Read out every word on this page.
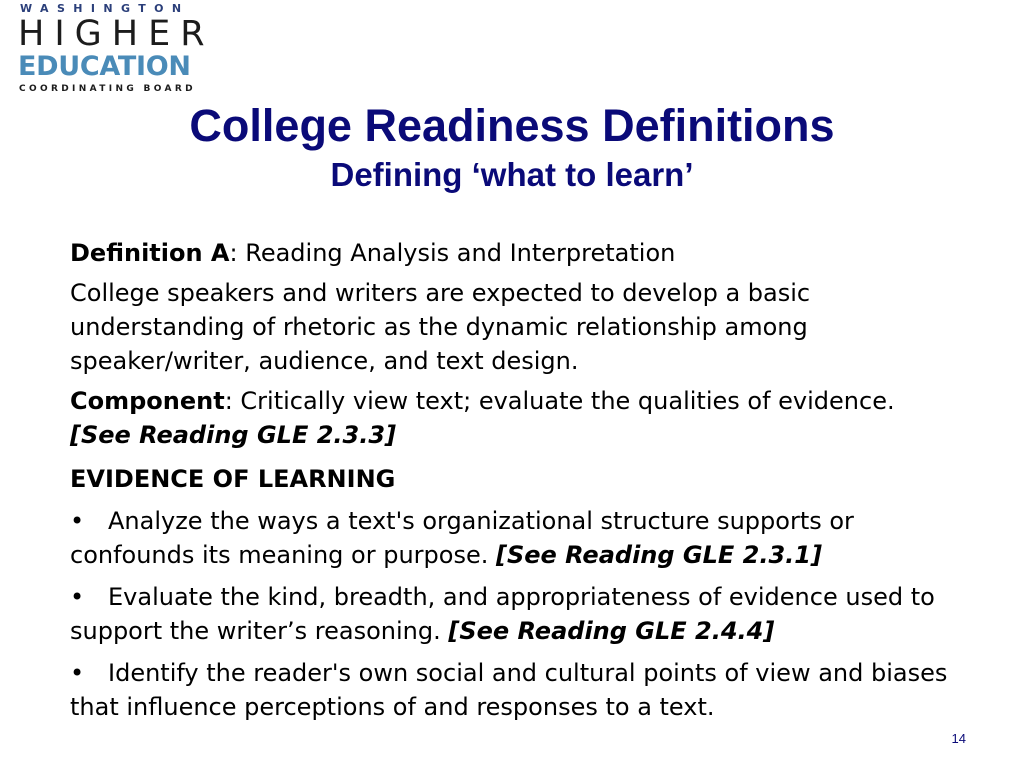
WASHINGTON
HIGHER
EDUCATION
COORDINATING BOARD
College Readiness Definitions
Defining ‘what to learn’

Definition A: Reading Analysis and Interpretation

College speakers and writers are expected to develop a basic understanding of rhetoric as the dynamic relationship among speaker/writer, audience, and text design.

Component: Critically view text; evaluate the qualities of evidence.
[See Reading GLE 2.3.3]

EVIDENCE OF LEARNING

• Analyze the ways a text's organizational structure supports or confounds its meaning or purpose. [See Reading GLE 2.3.1]

• Evaluate the kind, breadth, and appropriateness of evidence used to support the writer’s reasoning. [See Reading GLE 2.4.4]

• Identify the reader's own social and cultural points of view and biases that influence perceptions of and responses to a text.

14
